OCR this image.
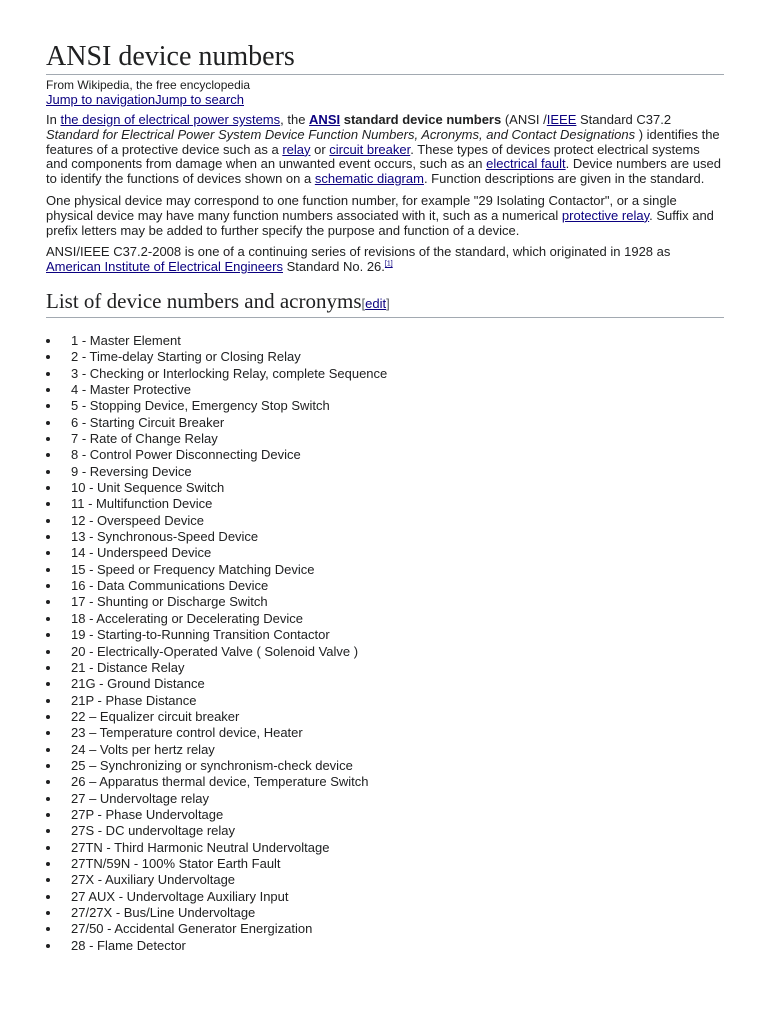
ANSI device numbers
From Wikipedia, the free encyclopedia
Jump to navigationJump to search

In the design of electrical power systems, the ANSI standard device numbers (ANSI /IEEE Standard C37.2 Standard for Electrical Power System Device Function Numbers, Acronyms, and Contact Designations ) identifies the features of a protective device such as a relay or circuit breaker. These types of devices protect electrical systems and components from damage when an unwanted event occurs, such as an electrical fault. Device numbers are used to identify the functions of devices shown on a schematic diagram. Function descriptions are given in the standard.

One physical device may correspond to one function number, for example "29 Isolating Contactor", or a single physical device may have many function numbers associated with it, such as a numerical protective relay. Suffix and prefix letters may be added to further specify the purpose and function of a device.

ANSI/IEEE C37.2-2008 is one of a continuing series of revisions of the standard, which originated in 1928 as American Institute of Electrical Engineers Standard No. 26.[1]

List of device numbers and acronyms[edit]
1 - Master Element
2 - Time-delay Starting or Closing Relay
3 - Checking or Interlocking Relay, complete Sequence
4 - Master Protective
5 - Stopping Device, Emergency Stop Switch
6 - Starting Circuit Breaker
7 - Rate of Change Relay
8 - Control Power Disconnecting Device
9 - Reversing Device
10 - Unit Sequence Switch
11 - Multifunction Device
12 - Overspeed Device
13 - Synchronous-Speed Device
14 - Underspeed Device
15 - Speed or Frequency Matching Device
16 - Data Communications Device
17 - Shunting or Discharge Switch
18 - Accelerating or Decelerating Device
19 - Starting-to-Running Transition Contactor
20 - Electrically-Operated Valve ( Solenoid Valve )
21 - Distance Relay
21G - Ground Distance
21P - Phase Distance
22 – Equalizer circuit breaker
23 – Temperature control device, Heater
24 – Volts per hertz relay
25 – Synchronizing or synchronism-check device
26 – Apparatus thermal device, Temperature Switch
27 – Undervoltage relay
27P - Phase Undervoltage
27S - DC undervoltage relay
27TN - Third Harmonic Neutral Undervoltage
27TN/59N - 100% Stator Earth Fault
27X - Auxiliary Undervoltage
27 AUX - Undervoltage Auxiliary Input
27/27X - Bus/Line Undervoltage
27/50 - Accidental Generator Energization
28 - Flame Detector
